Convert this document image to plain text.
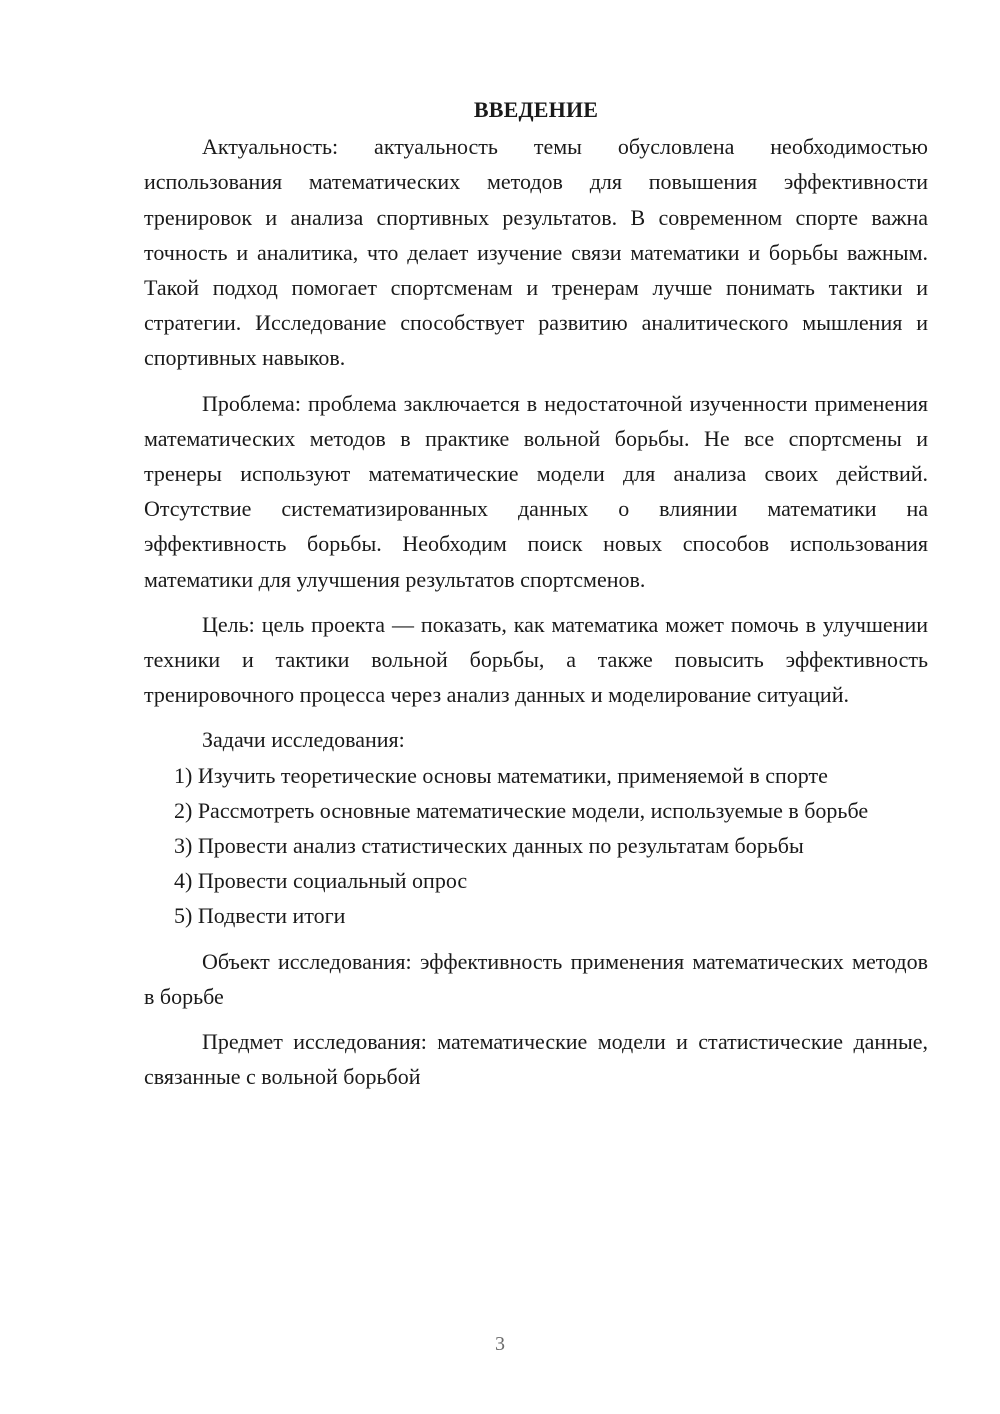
ВВЕДЕНИЕ

Актуальность: актуальность темы обусловлена необходимостью использования математических методов для повышения эффективности тренировок и анализа спортивных результатов. В современном спорте важна точность и аналитика, что делает изучение связи математики и борьбы важным. Такой подход помогает спортсменам и тренерам лучше понимать тактики и стратегии. Исследование способствует развитию аналитического мышления и спортивных навыков.

Проблема: проблема заключается в недостаточной изученности применения математических методов в практике вольной борьбы. Не все спортсмены и тренеры используют математические модели для анализа своих действий. Отсутствие систематизированных данных о влиянии математики на эффективность борьбы. Необходим поиск новых способов использования математики для улучшения результатов спортсменов.

Цель: цель проекта — показать, как математика может помочь в улучшении техники и тактики вольной борьбы, а также повысить эффективность тренировочного процесса через анализ данных и моделирование ситуаций.

Задачи исследования:

1) Изучить теоретические основы математики, применяемой в спорте

2) Рассмотреть основные математические модели, используемые в борьбе

3) Провести анализ статистических данных по результатам борьбы

4) Провести социальный опрос

5) Подвести итоги

Объект исследования: эффективность применения математических методов в борьбе

Предмет исследования: математические модели и статистические данные, связанные с вольной борьбой

3
